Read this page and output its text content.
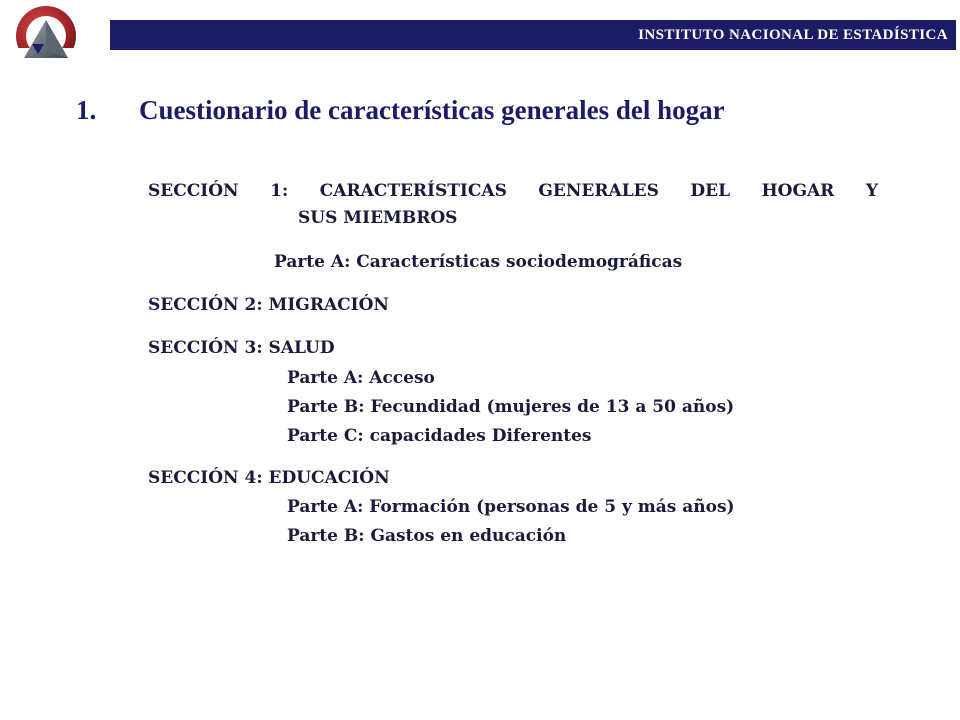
INSTITUTO NACIONAL DE ESTADÍSTICA
1. Cuestionario de características generales del hogar
SECCIÓN 1: CARACTERÍSTICAS GENERALES DEL HOGAR Y
SUS MIEMBROS
Parte A: Características sociodemográficas
SECCIÓN 2: MIGRACIÓN
SECCIÓN 3: SALUD
Parte A: Acceso
Parte B: Fecundidad (mujeres de 13 a 50 años)
Parte C: capacidades Diferentes
SECCIÓN 4: EDUCACIÓN
Parte A: Formación (personas de 5 y más años)
Parte B: Gastos en educación
